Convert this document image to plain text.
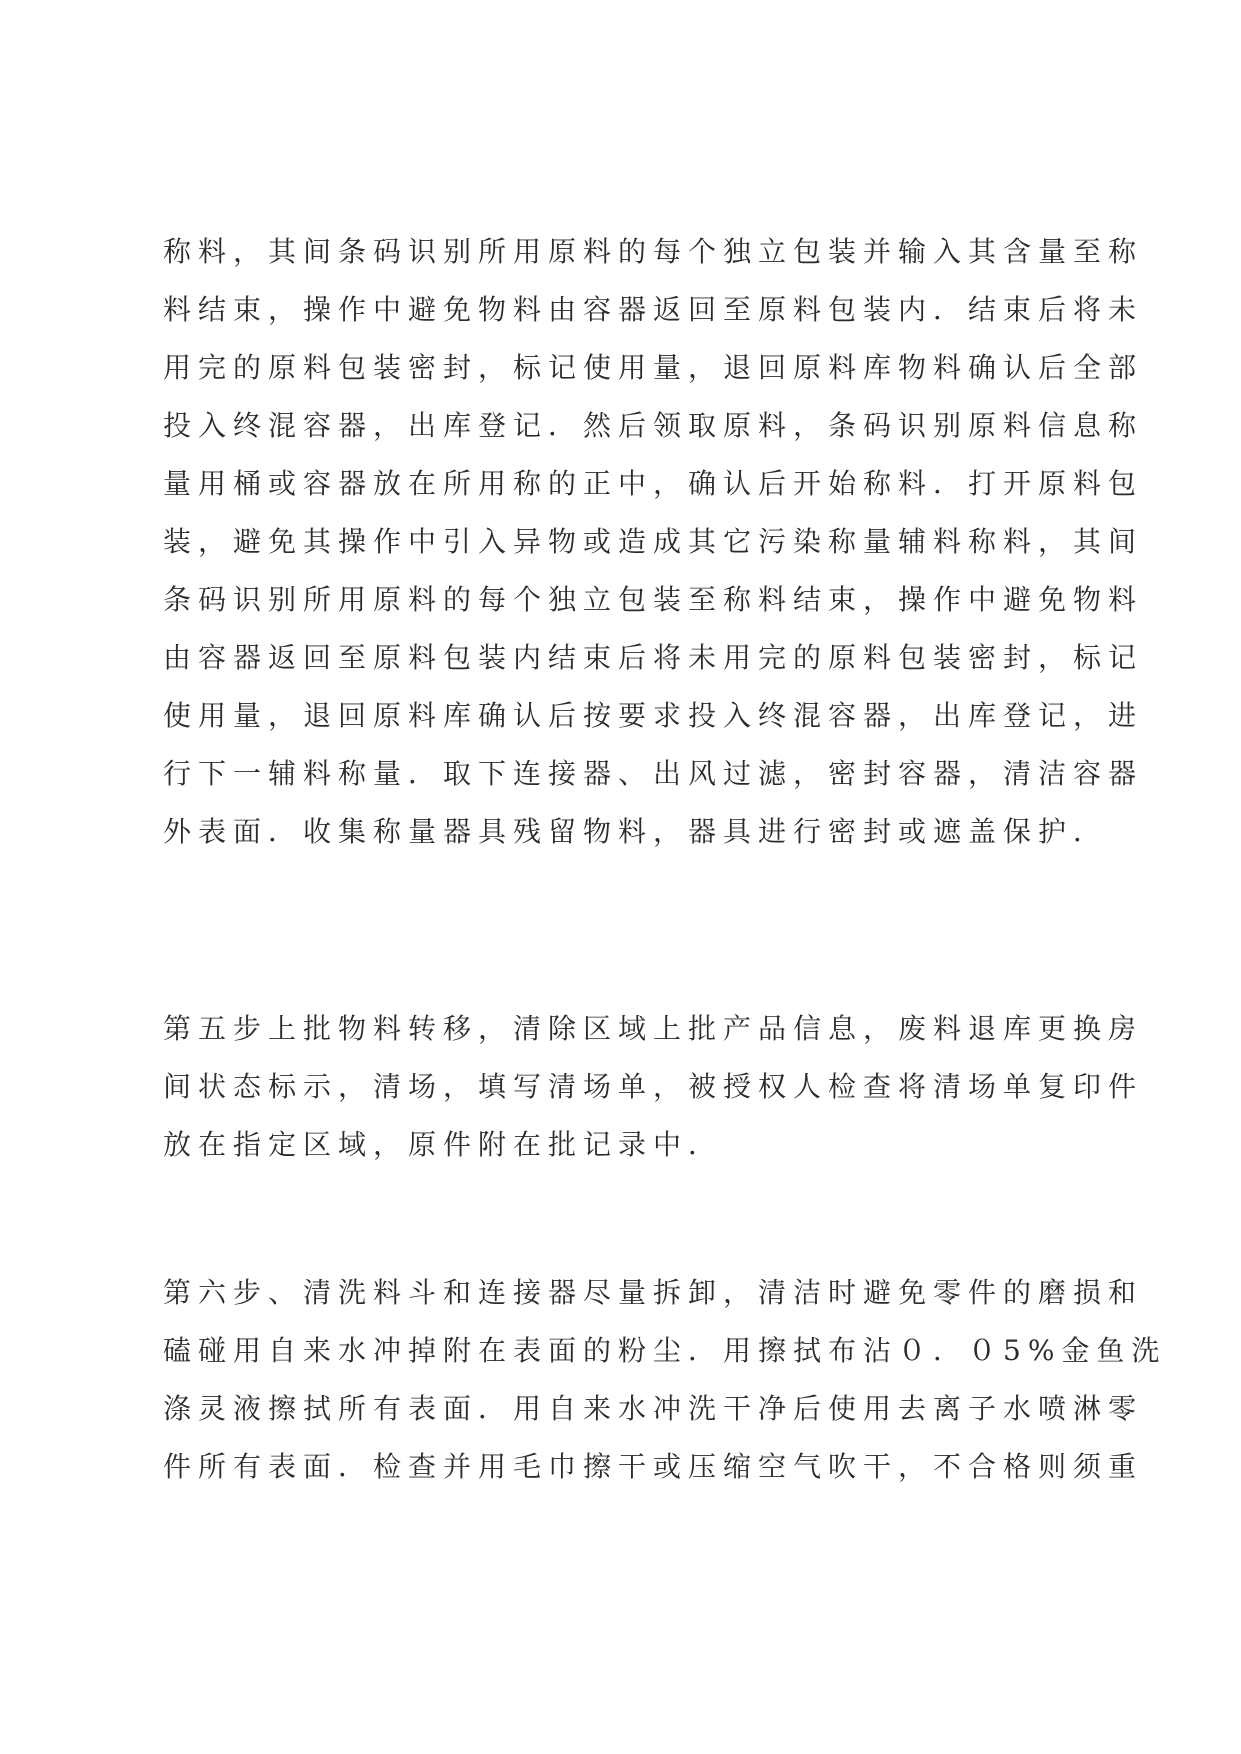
称料，其间条码识别所用原料的每个独立包装并输入其含量至称
料结束，操作中避免物料由容器返回至原料包装内．结束后将未
用完的原料包装密封，标记使用量，退回原料库物料确认后全部
投入终混容器，出库登记．然后领取原料，条码识别原料信息称
量用桶或容器放在所用称的正中，确认后开始称料．打开原料包
装，避免其操作中引入异物或造成其它污染称量辅料称料，其间
条码识别所用原料的每个独立包装至称料结束，操作中避免物料
由容器返回至原料包装内结束后将未用完的原料包装密封，标记
使用量，退回原料库确认后按要求投入终混容器，出库登记，进
行下一辅料称量．取下连接器、出风过滤，密封容器，清洁容器
外表面．收集称量器具残留物料，器具进行密封或遮盖保护．
第五步上批物料转移，清除区域上批产品信息，废料退库更换房
间状态标示，清场，填写清场单，被授权人检查将清场单复印件
放在指定区域，原件附在批记录中．
第六步、清洗料斗和连接器尽量拆卸，清洁时避免零件的磨损和
磕碰用自来水冲掉附在表面的粉尘．用擦拭布沾０．０5%金鱼洗
涤灵液擦拭所有表面．用自来水冲洗干净后使用去离子水喷淋零
件所有表面．检查并用毛巾擦干或压缩空气吹干，不合格则须重
